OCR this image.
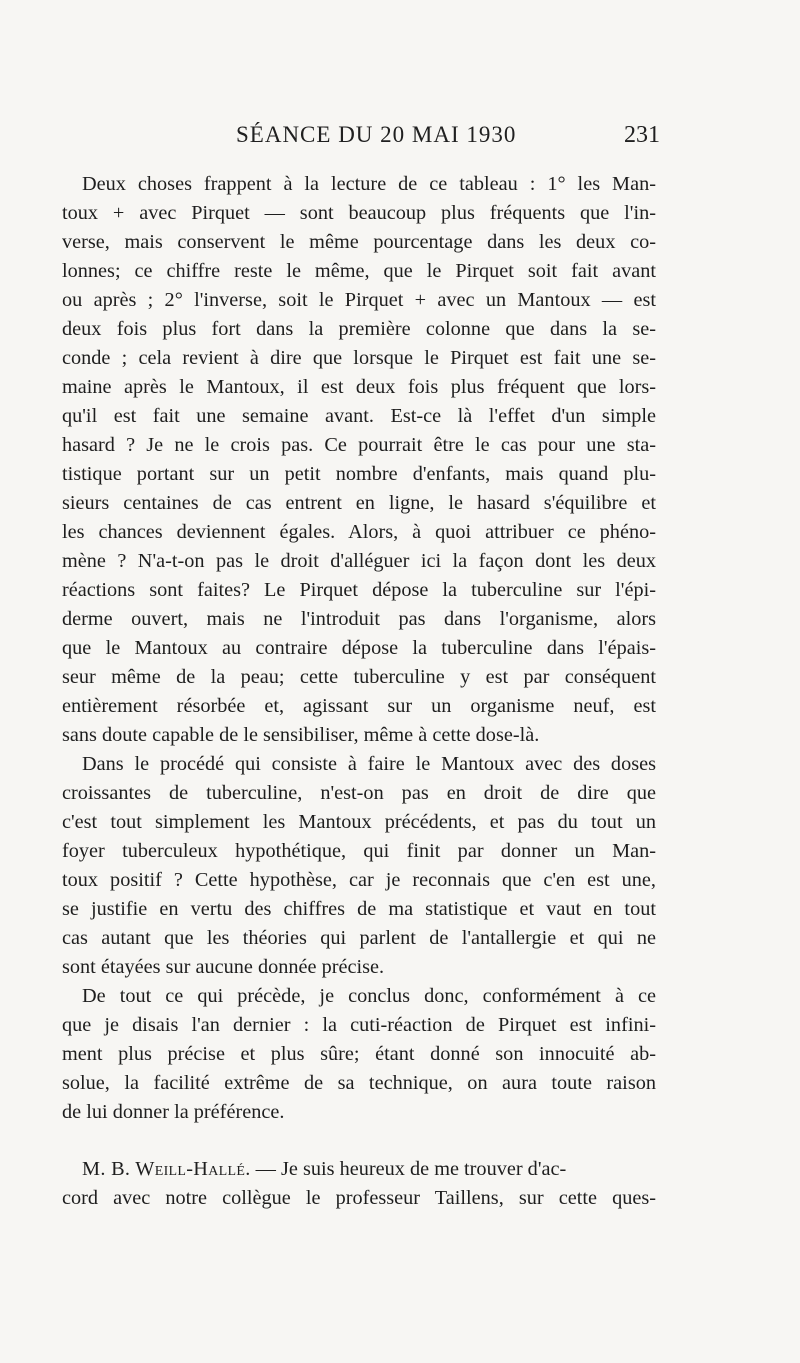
SÉANCE DU 20 MAI 1930	231
Deux choses frappent à la lecture de ce tableau : 1° les Man-
toux + avec Pirquet — sont beaucoup plus fréquents que l'in-
verse, mais conservent le même pourcentage dans les deux co-
lonnes; ce chiffre reste le même, que le Pirquet soit fait avant
ou après ; 2° l'inverse, soit le Pirquet + avec un Mantoux — est
deux fois plus fort dans la première colonne que dans la se-
conde ; cela revient à dire que lorsque le Pirquet est fait une se-
maine après le Mantoux, il est deux fois plus fréquent que lors-
qu'il est fait une semaine avant. Est-ce là l'effet d'un simple
hasard ? Je ne le crois pas. Ce pourrait être le cas pour une sta-
tistique portant sur un petit nombre d'enfants, mais quand plu-
sieurs centaines de cas entrent en ligne, le hasard s'équilibre et
les chances deviennent égales. Alors, à quoi attribuer ce phéno-
mène ? N'a-t-on pas le droit d'alléguer ici la façon dont les deux
réactions sont faites? Le Pirquet dépose la tuberculine sur l'épi-
derme ouvert, mais ne l'introduit pas dans l'organisme, alors
que le Mantoux au contraire dépose la tuberculine dans l'épais-
seur même de la peau; cette tuberculine y est par conséquent
entièrement résorbée et, agissant sur un organisme neuf, est
sans doute capable de le sensibiliser, même à cette dose-là.
Dans le procédé qui consiste à faire le Mantoux avec des doses
croissantes de tuberculine, n'est-on pas en droit de dire que
c'est tout simplement les Mantoux précédents, et pas du tout un
foyer tuberculeux hypothétique, qui finit par donner un Man-
toux positif ? Cette hypothèse, car je reconnais que c'en est une,
se justifie en vertu des chiffres de ma statistique et vaut en tout
cas autant que les théories qui parlent de l'antallergie et qui ne
sont étayées sur aucune donnée précise.
De tout ce qui précède, je conclus donc, conformément à ce
que je disais l'an dernier : la cuti-réaction de Pirquet est infini-
ment plus précise et plus sûre; étant donné son innocuité ab-
solue, la facilité extrême de sa technique, on aura toute raison
de lui donner la préférence.
M. B. Weill-Hallé. — Je suis heureux de me trouver d'ac-
cord avec notre collègue le professeur Taillens, sur cette ques-
